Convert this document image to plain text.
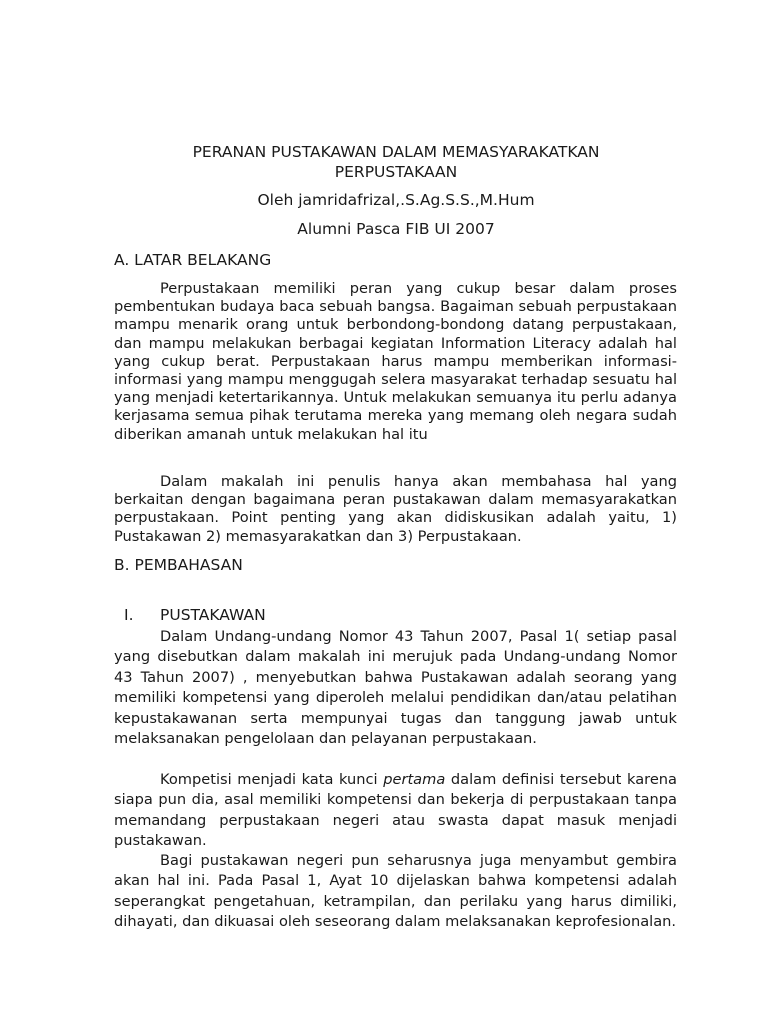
PERANAN PUSTAKAWAN DALAM MEMASYARAKATKAN
PERPUSTAKAAN
Oleh jamridafrizal,.S.Ag.S.S.,M.Hum
Alumni Pasca FIB UI 2007
A. LATAR BELAKANG

Perpustakaan memiliki peran yang cukup besar dalam proses pembentukan budaya baca sebuah bangsa. Bagaiman sebuah perpustakaan mampu menarik orang untuk berbondong-bondong datang perpustakaan, dan mampu melakukan berbagai kegiatan Information Literacy adalah hal yang cukup berat. Perpustakaan harus mampu memberikan informasi-informasi yang mampu menggugah selera masyarakat terhadap sesuatu hal yang menjadi ketertarikannya. Untuk melakukan semuanya itu perlu adanya kerjasama semua pihak terutama mereka yang memang oleh negara sudah diberikan amanah untuk melakukan hal itu

Dalam makalah ini penulis hanya akan membahasa hal yang berkaitan dengan bagaimana peran pustakawan dalam memasyarakatkan perpustakaan. Point penting yang akan didiskusikan adalah yaitu, 1) Pustakawan 2) memasyarakatkan dan 3) Perpustakaan.

B. PEMBAHASAN
I. PUSTAKAWAN

Dalam Undang-undang Nomor 43 Tahun 2007, Pasal 1( setiap pasal yang disebutkan dalam makalah ini merujuk pada Undang-undang Nomor 43 Tahun 2007) , menyebutkan bahwa Pustakawan adalah seorang yang memiliki kompetensi yang diperoleh melalui pendidikan dan/atau pelatihan kepustakawanan serta mempunyai tugas dan tanggung jawab untuk melaksanakan pengelolaan dan pelayanan perpustakaan.

Kompetisi menjadi kata kunci pertama dalam definisi tersebut karena siapa pun dia, asal memiliki kompetensi dan bekerja di perpustakaan tanpa memandang perpustakaan negeri atau swasta dapat masuk menjadi pustakawan.

Bagi pustakawan negeri pun seharusnya juga menyambut gembira akan hal ini. Pada Pasal 1, Ayat 10 dijelaskan bahwa kompetensi adalah seperangkat pengetahuan, ketrampilan, dan perilaku yang harus dimiliki, dihayati, dan dikuasai oleh seseorang dalam melaksanakan keprofesionalan.
